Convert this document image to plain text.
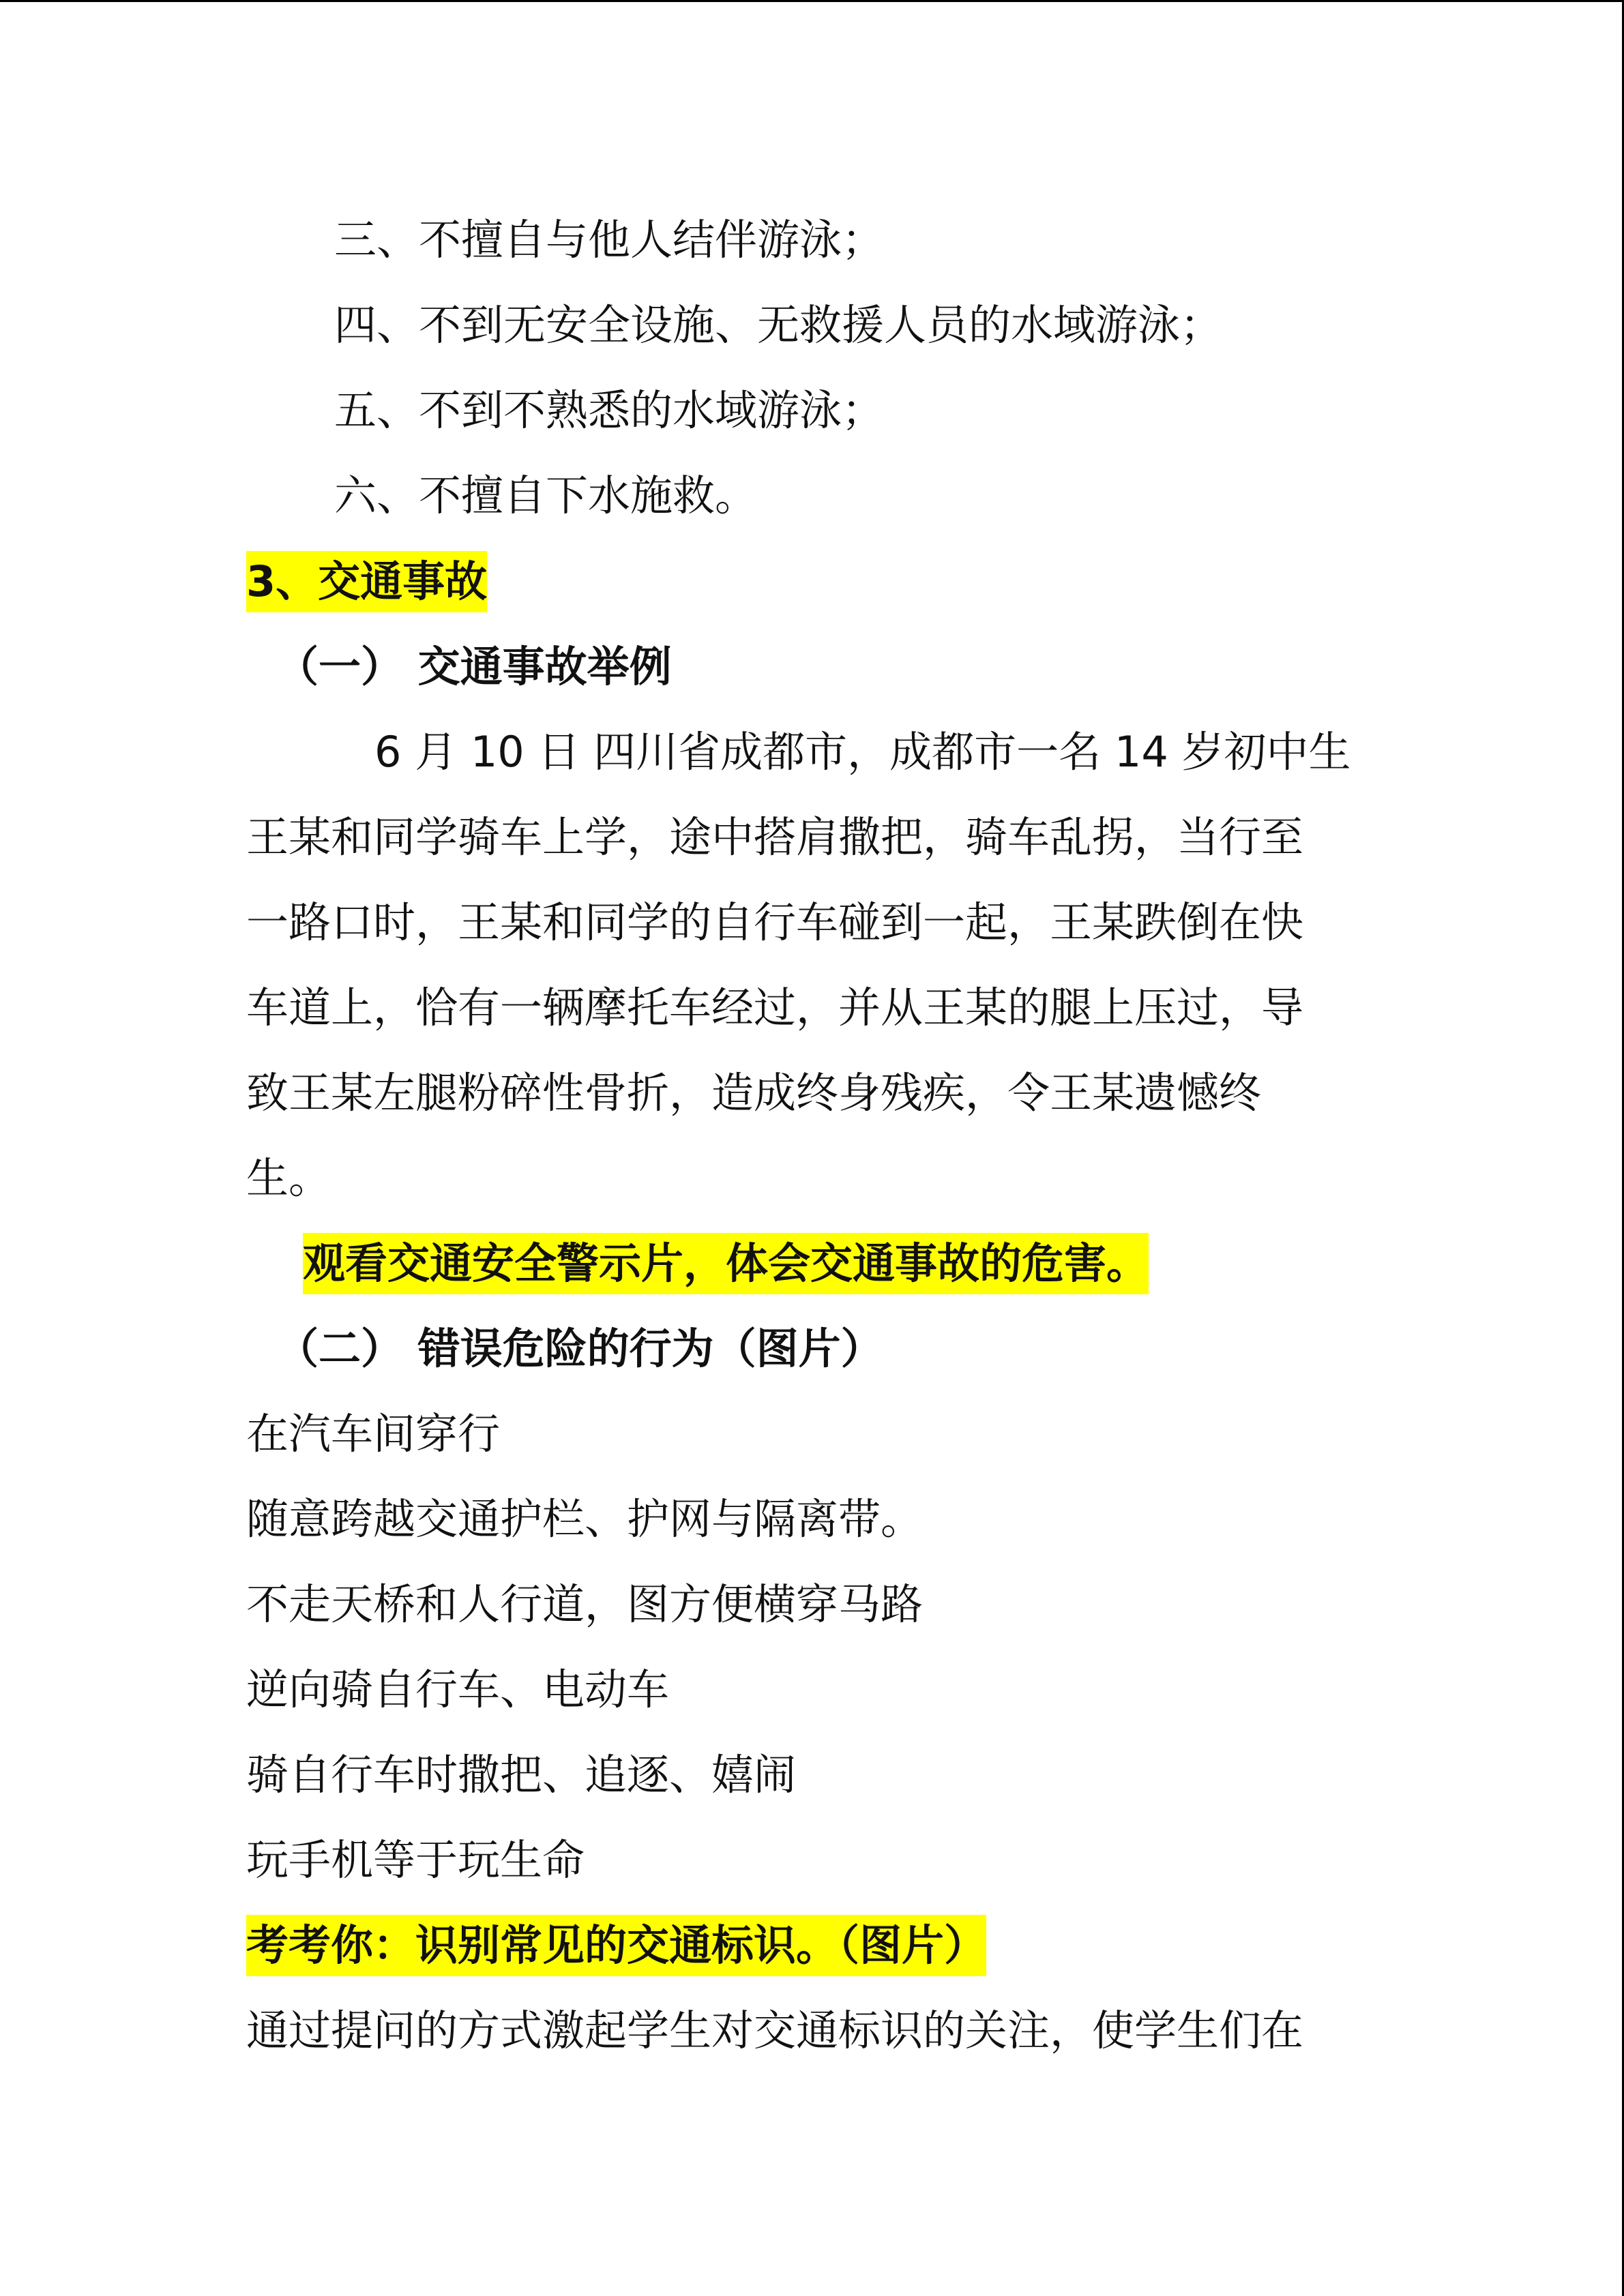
三、不擅自与他人结伴游泳；
四、不到无安全设施、无救援人员的水域游泳；
五、不到不熟悉的水域游泳；
六、不擅自下水施救。
3、交通事故
（一） 交通事故举例
6 月 10 日 四川省成都市，成都市一名 14 岁初中生
王某和同学骑车上学，途中搭肩撒把，骑车乱拐，当行至
一路口时，王某和同学的自行车碰到一起，王某跌倒在快
车道上，恰有一辆摩托车经过，并从王某的腿上压过，导
致王某左腿粉碎性骨折，造成终身残疾，令王某遗憾终
生。
观看交通安全警示片，体会交通事故的危害。
（二） 错误危险的行为（图片）
在汽车间穿行
随意跨越交通护栏、护网与隔离带。
不走天桥和人行道，图方便横穿马路
逆向骑自行车、电动车
骑自行车时撒把、追逐、嬉闹
玩手机等于玩生命
考考你：识别常见的交通标识。（图片）
通过提问的方式激起学生对交通标识的关注，使学生们在
